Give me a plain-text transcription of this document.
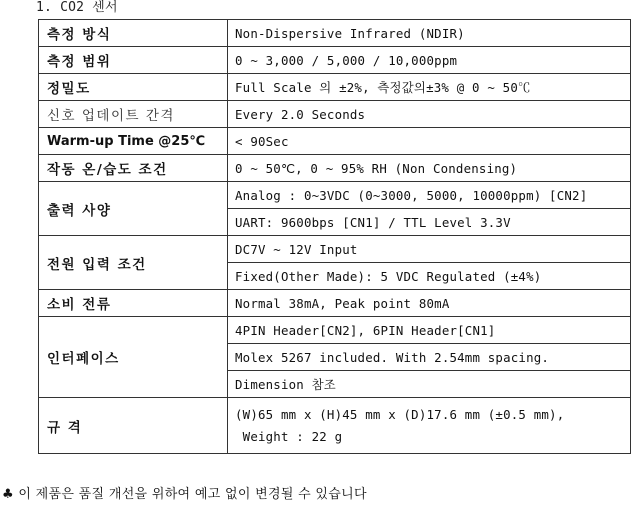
1. CO2 센서
측정 방식	Non-Dispersive Infrared (NDIR)
측정 범위	0 ~ 3,000 / 5,000 / 10,000ppm
정밀도	Full Scale 의 ±2%, 측정값의±3% @ 0 ~ 50℃
신호 업데이트 간격	Every 2.0 Seconds
Warm-up Time @25℃	< 90Sec
작동 온/습도 조건	0 ~ 50℃, 0 ~ 95% RH (Non Condensing)
출력 사양	Analog : 0~3VDC (0~3000, 5000, 10000ppm) [CN2]
	UART: 9600bps [CN1] / TTL Level 3.3V
전원 입력 조건	DC7V ~ 12V Input
	Fixed(Other Made): 5 VDC Regulated (±4%)
소비 전류	Normal 38mA, Peak point 80mA
인터페이스	4PIN Header[CN2], 6PIN Header[CN1]
	Molex 5267 included. With 2.54mm spacing.
	Dimension 참조
규 격	(W)65 mm x (H)45 mm x (D)17.6 mm (±0.5 mm),
Weight : 22 g
♣ 이 제품은 품질 개선을 위하여 예고 없이 변경될 수 있습니다
